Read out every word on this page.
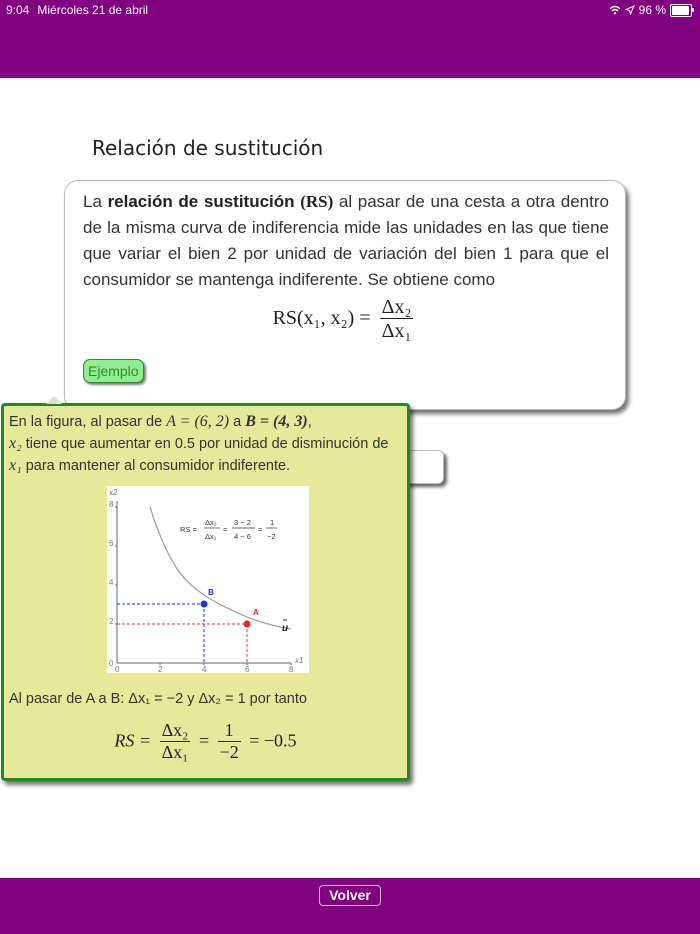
9:04 Miércoles 21 de abril	96 %
Relación de sustitución
La relación de sustitución (RS) al pasar de una cesta a otra dentro de la misma curva de indiferencia mide las unidades en las que tiene que variar el bien 2 por unidad de variación del bien 1 para que el consumidor se mantenga indiferente. Se obtiene como
RS(x₁, $x_2) = \frac{\text{Δx₂}}{\text{Δx₁}}$
Ejemplo
En la figura, al pasar de A = (6, 2) a B = (4, 3),
x₂ tiene que aumentar en 0.5 por unidad de disminución de
x₁ para mantener al consumidor indiferente.
x2
x1
0	2	4	6	8
0
2
4
6
8
B
A
u
RS =
Δx₂
Δx₁
=
3 − 2
4 − 6
=
1
−2
Al pasar de A a B: Δx₁ = −2 y Δx₂ = 1 por tanto
RS = $\frac{\text{Δx₂}}{\text{Δx₁}} = \frac{1}{-2} = -0.5$
Volver
